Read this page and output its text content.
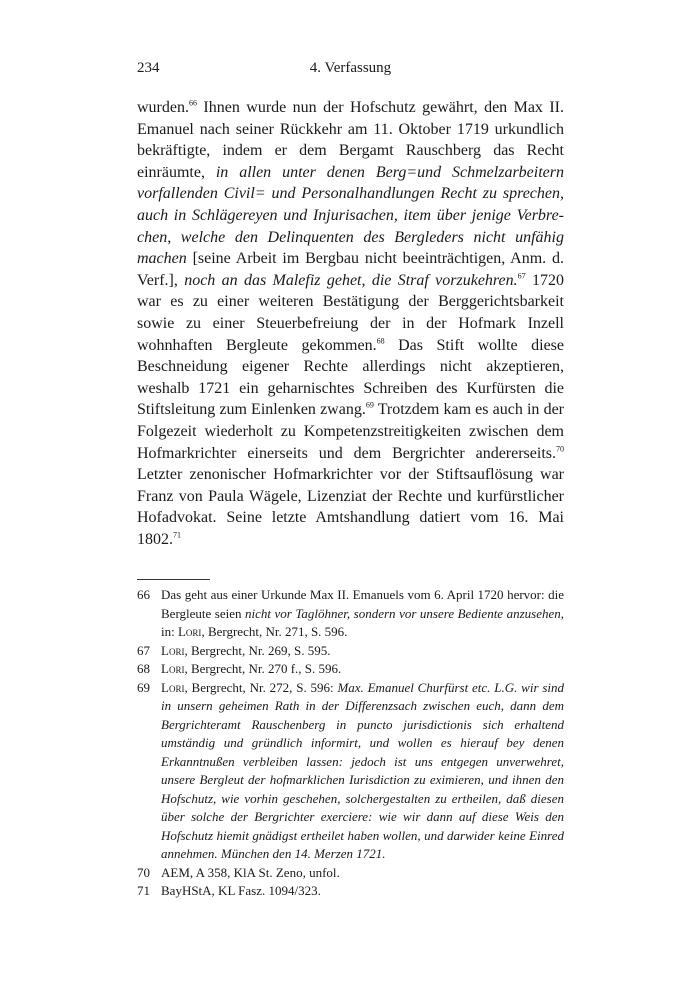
234	4. Verfassung

wurden.$^{66}$ Ihnen wurde nun der Hofschutz gewährt, den Max II. Emanuel nach seiner Rückkehr am 11. Oktober 1719 urkundlich bekräftigte, indem er dem Bergamt Rauschberg das Recht einräumte, in allen unter denen Berg=und Schmelzarbeitern vorfallenden Civil= und Personalhandlungen Recht zu sprechen, auch in Schlägereyen und Injurisachen, item über jenige Verbrechen, welche den Delinquenten des Bergleders nicht unfähig machen [seine Arbeit im Bergbau nicht beeinträchtigen, Anm. d. Verf.], noch an das Malefiz gehet, die Straf vorzukehren.$^{67}$ 1720 war es zu einer weiteren Bestätigung der Berggerichtsbarkeit sowie zu einer Steuerbefreiung der in der Hofmark Inzell wohnhaften Bergleute gekommen.$^{68}$ Das Stift wollte diese Beschneidung eigener Rechte allerdings nicht akzeptieren, weshalb 1721 ein geharnischtes Schreiben des Kurfürsten die Stiftsleitung zum Einlenken zwang.$^{69}$ Trotzdem kam es auch in der Folgezeit wiederholt zu Kompetenzstreitigkeiten zwischen dem Hofmarkrichter einerseits und dem Bergrichter andererseits.$^{70}$ Letzter zenonischer Hofmarkrichter vor der Stiftsauflösung war Franz von Paula Wägele, Lizenziat der Rechte und kurfürstlicher Hofadvokat. Seine letzte Amtshandlung datiert vom 16. Mai 1802.71

66 Das geht aus einer Urkunde Max II. Emanuels vom 6. April 1720 hervor: die Bergleute seien nicht vor Taglöhner, sondern vor unsere Bediente anzusehen, in: Lori, Bergrecht, Nr. 271, S. 596.
67 Lori, Bergrecht, Nr. 269, S. 595.
68 Lori, Bergrecht, Nr. 270 f., S. 596.
69 Lori, Bergrecht, Nr. 272, S. 596: Max. Emanuel Churfürst etc. L.G. wir sind in unsern geheimen Rath in der Differenzsach zwischen euch, dann dem Bergrichteramt Rauschenberg in puncto jurisdictionis sich erhaltend umständig und gründlich informirt, und wollen es hierauf bey denen Erkanntnußen verbleiben lassen: jedoch ist uns entgegen unverwehret, unsere Bergleut der hofmarklichen Iurisdiction zu eximieren, und ihnen den Hofschutz, wie vorhin geschehen, solchergestalten zu ertheilen, daß diesen über solche der Bergrichter exerciere: wie wir dann auf diese Weis den Hofschutz hiemit gnädigst ertheilet haben wollen, und darwider keine Einred annehmen. München den 14. Merzen 1721.
70 AEM, A 358, KlA St. Zeno, unfol.
71 BayHStA, KL Fasz. 1094/323.
